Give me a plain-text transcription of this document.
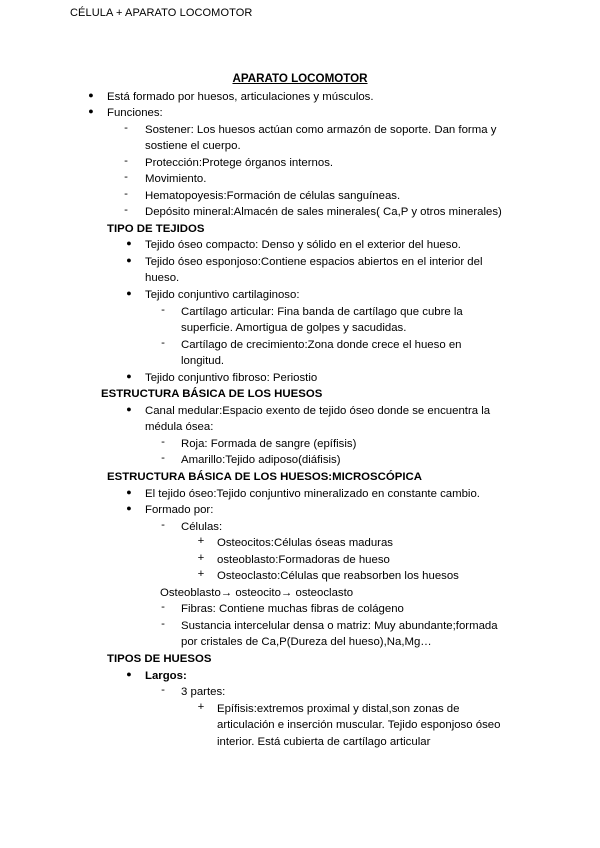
CÉLULA + APARATO LOCOMOTOR
APARATO LOCOMOTOR
● Está formado por huesos, articulaciones y músculos.
● Funciones:
- Sostener: Los huesos actúan como armazón de soporte. Dan forma y
sostiene el cuerpo.
- Protección:Protege órganos internos.
- Movimiento.
- Hematopoyesis:Formación de células sanguíneas.
- Depósito mineral:Almacén de sales minerales( Ca,P y otros minerales)
TIPO DE TEJIDOS
● Tejido óseo compacto: Denso y sólido en el exterior del hueso.
● Tejido óseo esponjoso:Contiene espacios abiertos en el interior del
hueso.
● Tejido conjuntivo cartilaginoso:
- Cartílago articular: Fina banda de cartílago que cubre la
superficie. Amortigua de golpes y sacudidas.
- Cartílago de crecimiento:Zona donde crece el hueso en
longitud.
● Tejido conjuntivo fibroso: Periostio
ESTRUCTURA BÁSICA DE LOS HUESOS
● Canal medular:Espacio exento de tejido óseo donde se encuentra la
médula ósea:
- Roja: Formada de sangre (epífisis)
- Amarillo:Tejido adiposo(diáfisis)
ESTRUCTURA BÁSICA DE LOS HUESOS:MICROSCÓPICA
● El tejido óseo:Tejido conjuntivo mineralizado en constante cambio.
● Formado por:
- Células:
+ Osteocitos:Células óseas maduras
+ osteoblasto:Formadoras de hueso
+ Osteoclasto:Células que reabsorben los huesos
Osteoblasto→ osteocito→ osteoclasto
- Fibras: Contiene muchas fibras de colágeno
- Sustancia intercelular densa o matriz: Muy abundante;formada
por cristales de Ca,P(Dureza del hueso),Na,Mg…
TIPOS DE HUESOS
● Largos:
- 3 partes:
+ Epífisis:extremos proximal y distal,son zonas de
articulación e inserción muscular. Tejido esponjoso óseo
interior. Está cubierta de cartílago articular
